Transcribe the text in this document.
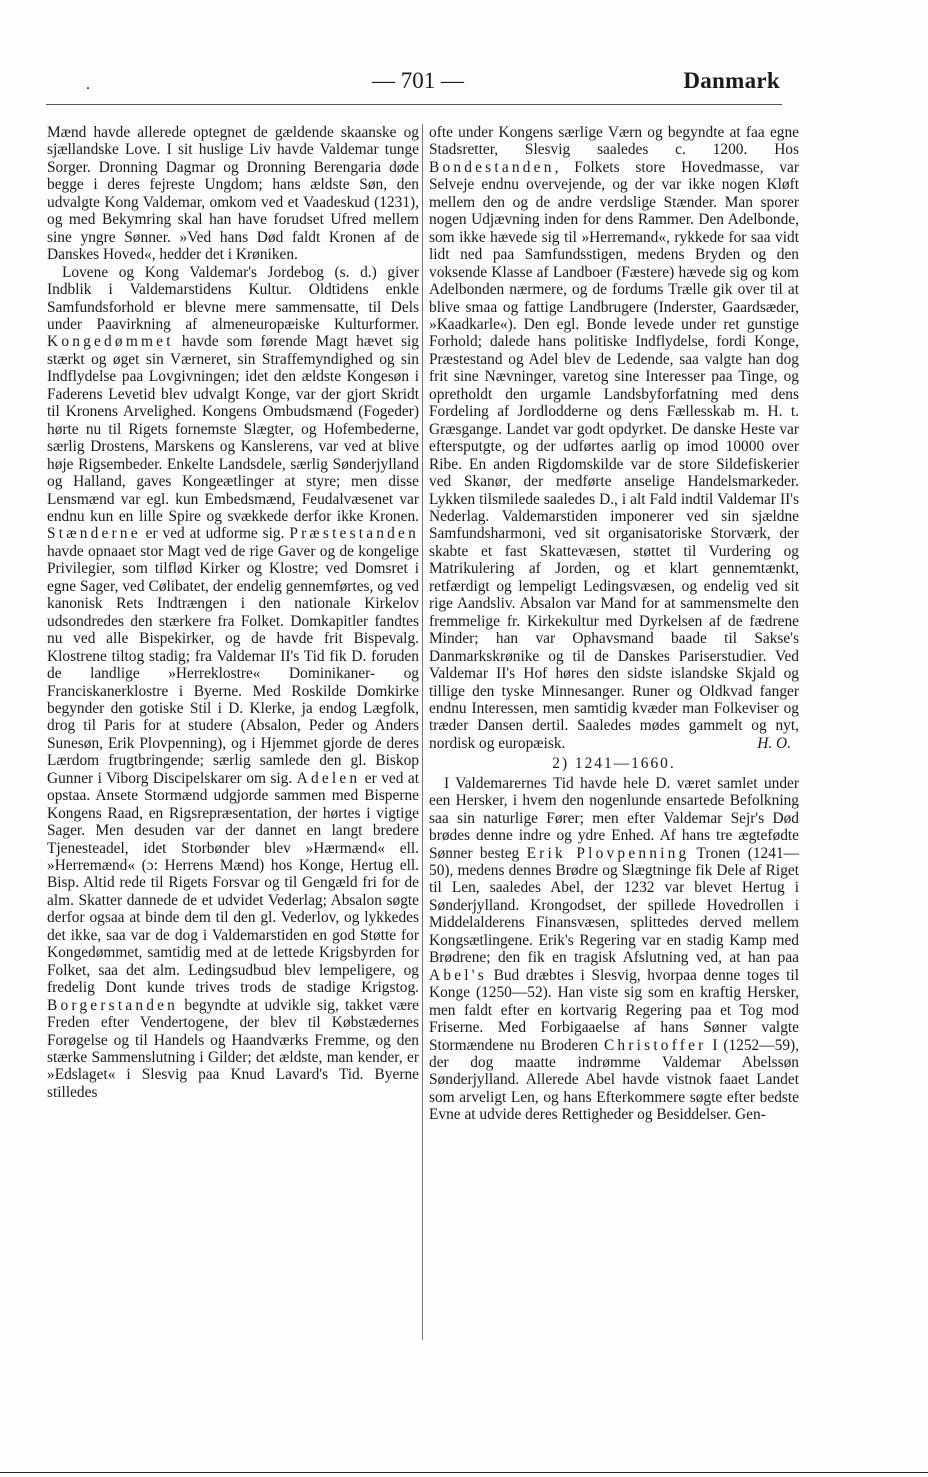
.	— 701 —	Danmark

Mænd havde allerede optegnet de gældende skaanske og sjællandske Love. I sit huslige Liv havde Valdemar tunge Sorger. Dronning Dagmar og Dronning Berengaria døde begge i deres fejreste Ungdom; hans ældste Søn, den udvalgte Kong Valdemar, omkom ved et Vaadeskud (1231), og med Bekymring skal han have forudset Ufred mellem sine yngre Sønner. »Ved hans Død faldt Kronen af de Danskes Hoved«, hedder det i Krøniken.

Lovene og Kong Valdemar's Jordebog (s. d.) giver Indblik i Valdemarstidens Kultur. Oldtidens enkle Samfundsforhold er blevne mere sammensatte, til Dels under Paavirkning af almeneuropæiske Kulturformer. Kongedømmet havde som førende Magt hævet sig stærkt og øget sin Værneret, sin Straffemyndighed og sin Indflydelse paa Lovgivningen; idet den ældste Kongesøn i Faderens Levetid blev udvalgt Konge, var der gjort Skridt til Kronens Arvelighed. Kongens Ombudsmænd (Fogeder) hørte nu til Rigets fornemste Slægter, og Hofembederne, særlig Drostens, Marskens og Kanslerens, var ved at blive høje Rigsembeder. Enkelte Landsdele, særlig Sønderjylland og Halland, gaves Kongeætlinger at styre; men disse Lensmænd var egl. kun Embedsmænd, Feudalvæsenet var endnu kun en lille Spire og svækkede derfor ikke Kronen. Stænderne er ved at udforme sig. Præstestanden havde opnaaet stor Magt ved de rige Gaver og de kongelige Privilegier, som tilflød Kirker og Klostre; ved Domsret i egne Sager, ved Cølibatet, der endelig gennemførtes, og ved kanonisk Rets Indtrængen i den nationale Kirkelov udsondredes den stærkere fra Folket. Domkapitler fandtes nu ved alle Bispekirker, og de havde frit Bispevalg. Klostrene tiltog stadig; fra Valdemar II's Tid fik D. foruden de landlige »Herreklostre« Dominikaner- og Franciskanerklostre i Byerne. Med Roskilde Domkirke begynder den gotiske Stil i D. Klerke, ja endog Lægfolk, drog til Paris for at studere (Absalon, Peder og Anders Sunesøn, Erik Plovpenning), og i Hjemmet gjorde de deres Lærdom frugtbringende; særlig samlede den gl. Biskop Gunner i Viborg Discipelskarer om sig. Adelen er ved at opstaa. Ansete Stormænd udgjorde sammen med Bisperne Kongens Raad, en Rigsrepræsentation, der hørtes i vigtige Sager. Men desuden var der dannet en langt bredere Tjenesteadel, idet Storbønder blev »Hærmænd« ell. »Herremænd« (ɔ: Herrens Mænd) hos Konge, Hertug ell. Bisp. Altid rede til Rigets Forsvar og til Gengæld fri for de alm. Skatter dannede de et udvidet Vederlag; Absalon søgte derfor ogsaa at binde dem til den gl. Vederlov, og lykkedes det ikke, saa var de dog i Valdemarstiden en god Støtte for Kongedømmet, samtidig med at de lettede Krigsbyrden for Folket, saa det alm. Ledingsudbud blev lempeligere, og fredelig Dont kunde trives trods de stadige Krigstog. Borgerstanden begyndte at udvikle sig, takket være Freden efter Vendertogene, der blev til Købstædernes Forøgelse og til Handels og Haandværks Fremme, og den stærke Sammenslutning i Gilder; det ældste, man kender, er »Edslaget« i Slesvig paa Knud Lavard's Tid. Byerne stilledes

ofte under Kongens særlige Værn og begyndte at faa egne Stadsretter, Slesvig saaledes c. 1200. Hos Bondestanden, Folkets store Hovedmasse, var Selveje endnu overvejende, og der var ikke nogen Kløft mellem den og de andre verdslige Stænder. Man sporer nogen Udjævning inden for dens Rammer. Den Adelbonde, som ikke hævede sig til »Herremand«, rykkede for saa vidt lidt ned paa Samfundsstigen, medens Bryden og den voksende Klasse af Landboer (Fæstere) hævede sig og kom Adelbonden nærmere, og de fordums Trælle gik over til at blive smaa og fattige Landbrugere (Inderster, Gaardsæder, »Kaadkarle«). Den egl. Bonde levede under ret gunstige Forhold; dalede hans politiske Indflydelse, fordi Konge, Præstestand og Adel blev de Ledende, saa valgte han dog frit sine Nævninger, varetog sine Interesser paa Tinge, og opretholdt den urgamle Landsbyforfatning med dens Fordeling af Jordlodderne og dens Fællesskab m. H. t. Græsgange. Landet var godt opdyrket. De danske Heste var eftersputgte, og der udførtes aarlig op imod 10000 over Ribe. En anden Rigdomskilde var de store Sildefiskerier ved Skanør, der medførte anselige Handelsmarkeder. Lykken tilsmilede saaledes D., i alt Fald indtil Valdemar II's Nederlag. Valdemarstiden imponerer ved sin sjældne Samfundsharmoni, ved sit organisatoriske Storværk, der skabte et fast Skattevæsen, støttet til Vurdering og Matrikulering af Jorden, og et klart gennemtænkt, retfærdigt og lempeligt Ledingsvæsen, og endelig ved sit rige Aandsliv. Absalon var Mand for at sammensmelte den fremmelige fr. Kirkekultur med Dyrkelsen af de fædrene Minder; han var Ophavsmand baade til Sakse's Danmarkskrønike og til de Danskes Pariserstudier. Ved Valdemar II's Hof høres den sidste islandske Skjald og tillige den tyske Minnesanger. Runer og Oldkvad fanger endnu Interessen, men samtidig kvæder man Folkeviser og træder Dansen dertil. Saaledes mødes gammelt og nyt, nordisk og europæisk.	H. O.

2) 1241—1660.

I Valdemarernes Tid havde hele D. været samlet under een Hersker, i hvem den nogenlunde ensartede Befolkning saa sin naturlige Fører; men efter Valdemar Sejr's Død brødes denne indre og ydre Enhed. Af hans tre ægtefødte Sønner besteg Erik Plovpenning Tronen (1241—50), medens dennes Brødre og Slægtninge fik Dele af Riget til Len, saaledes Abel, der 1232 var blevet Hertug i Sønderjylland. Krongodset, der spillede Hovedrollen i Middelalderens Finansvæsen, splittedes derved mellem Kongsætlingene. Erik's Regering var en stadig Kamp med Brødrene; den fik en tragisk Afslutning ved, at han paa Abel's Bud dræbtes i Slesvig, hvorpaa denne toges til Konge (1250—52). Han viste sig som en kraftig Hersker, men faldt efter en kortvarig Regering paa et Tog mod Friserne. Med Forbigaaelse af hans Sønner valgte Stormændene nu Broderen Christoffer I (1252—59), der dog maatte indrømme Valdemar Abelssøn Sønderjylland. Allerede Abel havde vistnok faaet Landet som arveligt Len, og hans Efterkommere søgte efter bedste Evne at udvide deres Rettigheder og Besiddelser. Gen-
